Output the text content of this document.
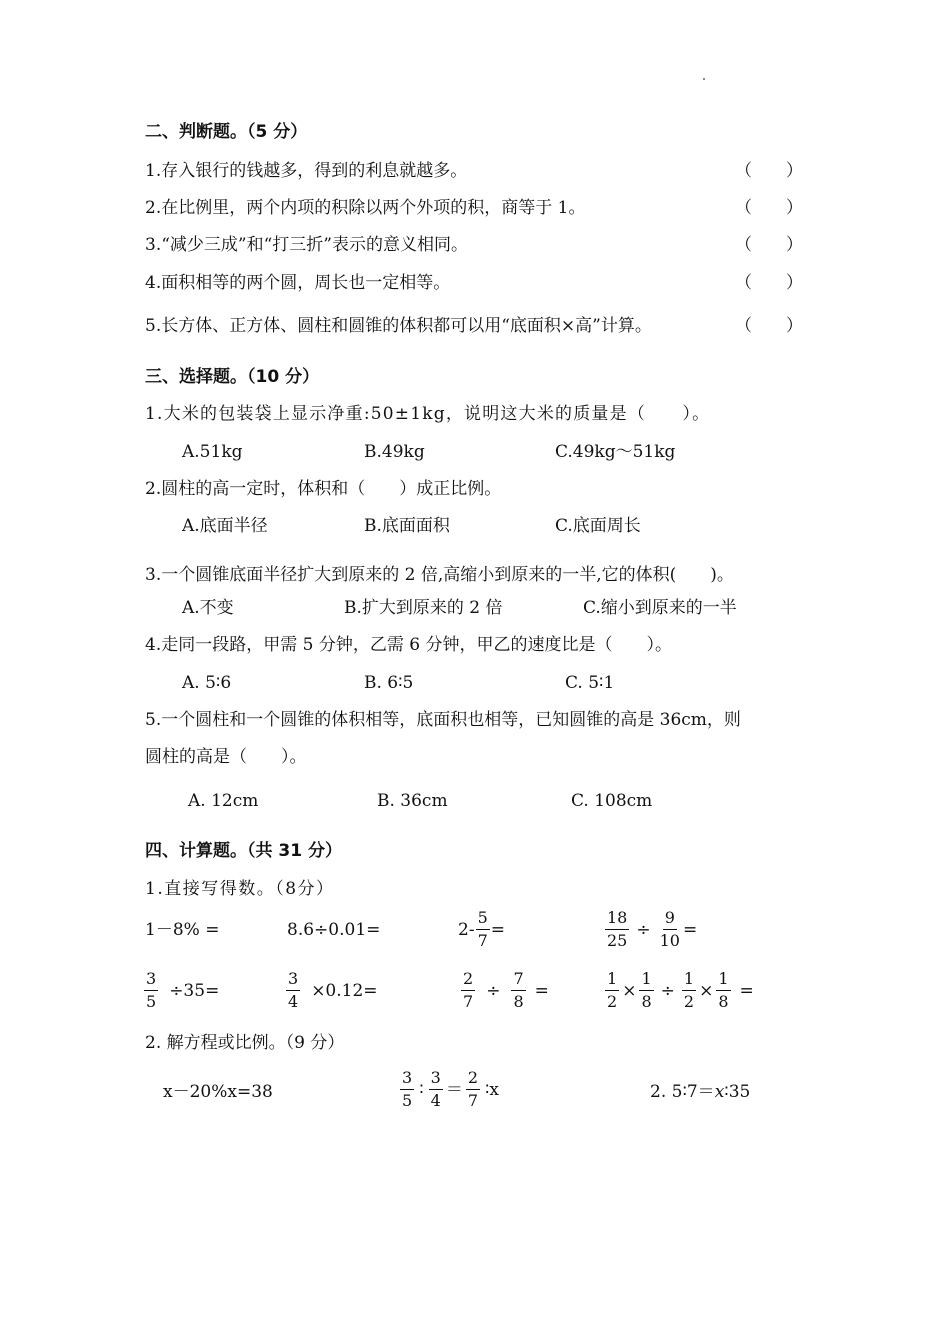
二、判断题。（5 分）
1.存入银行的钱越多，得到的利息就越多。	（　　）
2.在比例里，两个内项的积除以两个外项的积，商等于 1。	（　　）
3.“减少三成”和“打三折”表示的意义相同。	（　　）
4.面积相等的两个圆，周长也一定相等。	（　　）
5.长方体、正方体、圆柱和圆锥的体积都可以用“底面积×高”计算。	（　　）
三、选择题。（10 分）
1.大米的包装袋上显示净重:50±1kg，说明这大米的质量是（　　）。
A.51kg	B.49kg	C.49kg～51kg
2.圆柱的高一定时，体积和（　　）成正比例。
A.底面半径	B.底面面积	C.底面周长
3.一个圆锥底面半径扩大到原来的 2 倍,高缩小到原来的一半,它的体积(　　)。
A.不变	B.扩大到原来的 2 倍	C.缩小到原来的一半
4.走同一段路，甲需 5 分钟，乙需 6 分钟，甲乙的速度比是（　　）。
A. 5∶6	B. 6∶5	C. 5∶1
5.一个圆柱和一个圆锥的体积相等，底面积也相等，已知圆锥的高是 36cm，则
圆柱的高是（　　）。
A. 12cm	B. 36cm	C. 108cm
四、计算题。（共 31 分）
1.直接写得数。（8分）
1－8% =	8.6÷0.01=	$2- \frac{5}{7}$ =	$\frac{18}{25} \div \frac{9}{10}$ =
$\frac{3}{5} \div 35=$	$\frac{3}{4} \times 0.12=$	$\frac{2}{7} \div \frac{7}{8}$ =	$\frac{1}{2} \times \frac{1}{8} \div \frac{1}{2} \times \frac{1}{8}$ =
2. 解方程或比例。（9 分）
x－20%x=38	$\frac{3}{5}$ ∶ $\frac{3}{4} = \frac{2}{7}$ ∶x	2. 5∶7＝x∶35
